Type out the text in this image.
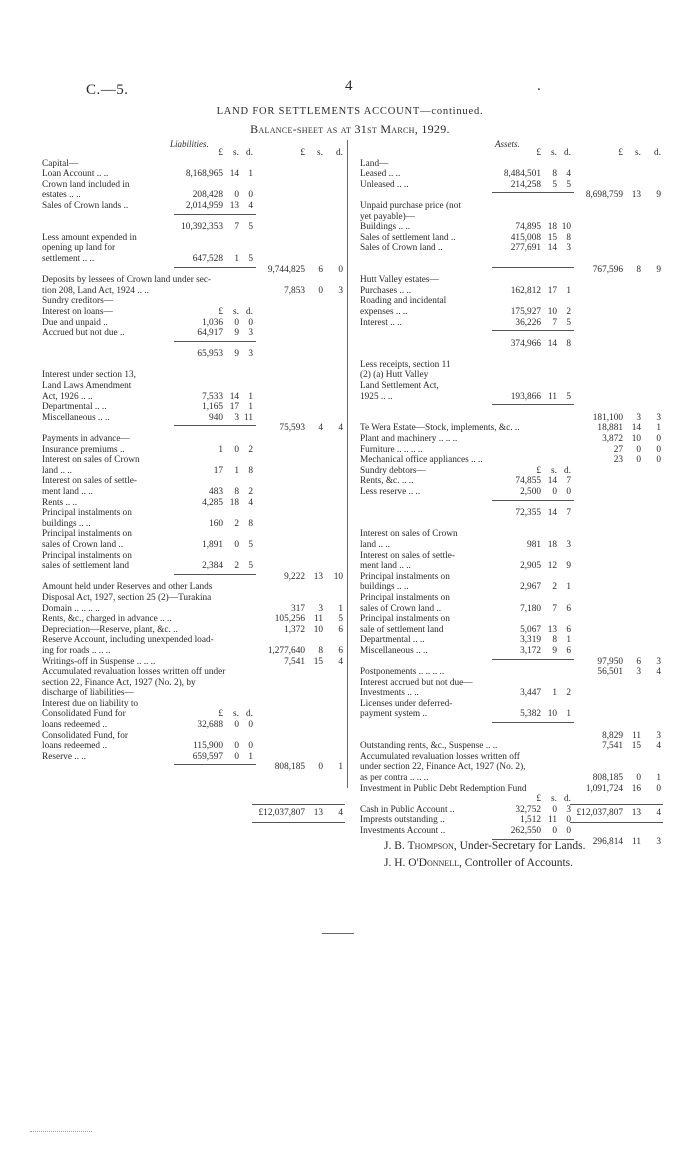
C.—5.	4	.
LAND FOR SETTLEMENTS ACCOUNT—continued.
Balance-sheet as at 31st March, 1929.
Liabilities.
£ s. d.	£ s. d.
Capital—
Loan Account .. ..	8,168,965 14 1
Crown land included in
estates .. ..	208,428 0 0
Sales of Crown lands ..	2,014,959 13 4
10,392,353 7 5
Less amount expended in
opening up land for
settlement .. ..	647,528 1 5
9,744,825 6 0
Deposits by lessees of Crown land under sec-
tion 208, Land Act, 1924 .. ..	7,853 0 3
Sundry creditors—
Interest on loans—	£ s. d.
Due and unpaid ..	1,036 0 0
Accrued but not due ..	64,917 9 3
65,953 9 3
Interest under section 13,
Land Laws Amendment
Act, 1926 .. ..	7,533 14 1
Departmental .. ..	1,165 17 1
Miscellaneous .. ..	940 3 11
75,593 4 4
Payments in advance—
Insurance premiums ..	1 0 2
Interest on sales of Crown
land .. ..	17 1 8
Interest on sales of settle-
ment land .. ..	483 8 2
Rents .. ..	4,285 18 4
Principal instalments on
buildings .. ..	160 2 8
Principal instalments on
sales of Crown land ..	1,891 0 5
Principal instalments on
sales of settlement land	2,384 2 5
9,222 13 10
Amount held under Reserves and other Lands
Disposal Act, 1927, section 25 (2)—Turakina
Domain .. .. .. ..	317 3 1
Rents, &c., charged in advance .. ..	105,256 11 5
Depreciation—Reserve, plant, &c. ..	1,372 10 6
Reserve Account, including unexpended load-
ing for roads .. .. ..	1,277,640 8 6
Writings-off in Suspense .. .. ..	7,541 15 4
Accumulated revaluation losses written off under
section 22, Finance Act, 1927 (No. 2), by
discharge of liabilities—
Interest due on liability to
Consolidated Fund for	£ s. d.
loans redeemed ..	32,688 0 0
Consolidated Fund, for
loans redeemed ..	115,900 0 0
Reserve .. ..	659,597 0 1
808,185 0 1
£12,037,807 13 4
Assets.
£ s. d.	£ s. d.
Land—
Leased .. ..	8,484,501 8 4
Unleased .. ..	214,258 5 5
8,698,759 13 9
Unpaid purchase price (not
yet payable)—
Buildings .. ..	74,895 18 10
Sales of settlement land ..	415,008 15 8
Sales of Crown land ..	277,691 14 3
767,596 8 9
Hutt Valley estates—
Purchases .. ..	162,812 17 1
Roading and incidental
expenses .. ..	175,927 10 2
Interest .. ..	36,226 7 5
374,966 14 8
Less receipts, section 11
(2) (a) Hutt Valley
Land Settlement Act,
1925 .. ..	193,866 11 5
181,100 3 3
Te Wera Estate—Stock, implements, &c. ..	18,881 14 1
Plant and machinery .. .. ..	3,872 10 0
Furniture .. .. .. ..	27 0 0
Mechanical office appliances .. ..	23 0 0
Sundry debtors—	£ s. d.
Rents, &c. .. ..	74,855 14 7
Less reserve .. ..	2,500 0 0
72,355 14 7
Interest on sales of Crown
land .. ..	981 18 3
Interest on sales of settle-
ment land .. ..	2,905 12 9
Principal instalments on
buildings .. ..	2,967 2 1
Principal instalments on
sales of Crown land ..	7,180 7 6
Principal instalments on
sale of settlement land	5,067 13 6
Departmental .. ..	3,319 8 1
Miscellaneous .. ..	3,172 9 6
97,950 6 3
Postponements .. .. .. ..	56,501 3 4
Interest accrued but not due—
Investments .. ..	3,447 1 2
Licenses under deferred-
payment system ..	5,382 10 1
8,829 11 3
Outstanding rents, &c., Suspense .. ..	7,541 15 4
Accumulated revaluation losses written off
under section 22, Finance Act, 1927 (No. 2),
as per contra .. .. ..	808,185 0 1
Investment in Public Debt Redemption Fund	1,091,724 16 0
£ s. d.
Cash in Public Account ..	32,752 0 3
Imprests outstanding ..	1,512 11 0
Investments Account ..	262,550 0 0
296,814 11 3
£12,037,807 13 4
J. B. Thompson, Under-Secretary for Lands.
J. H. O'Donnell, Controller of Accounts.
